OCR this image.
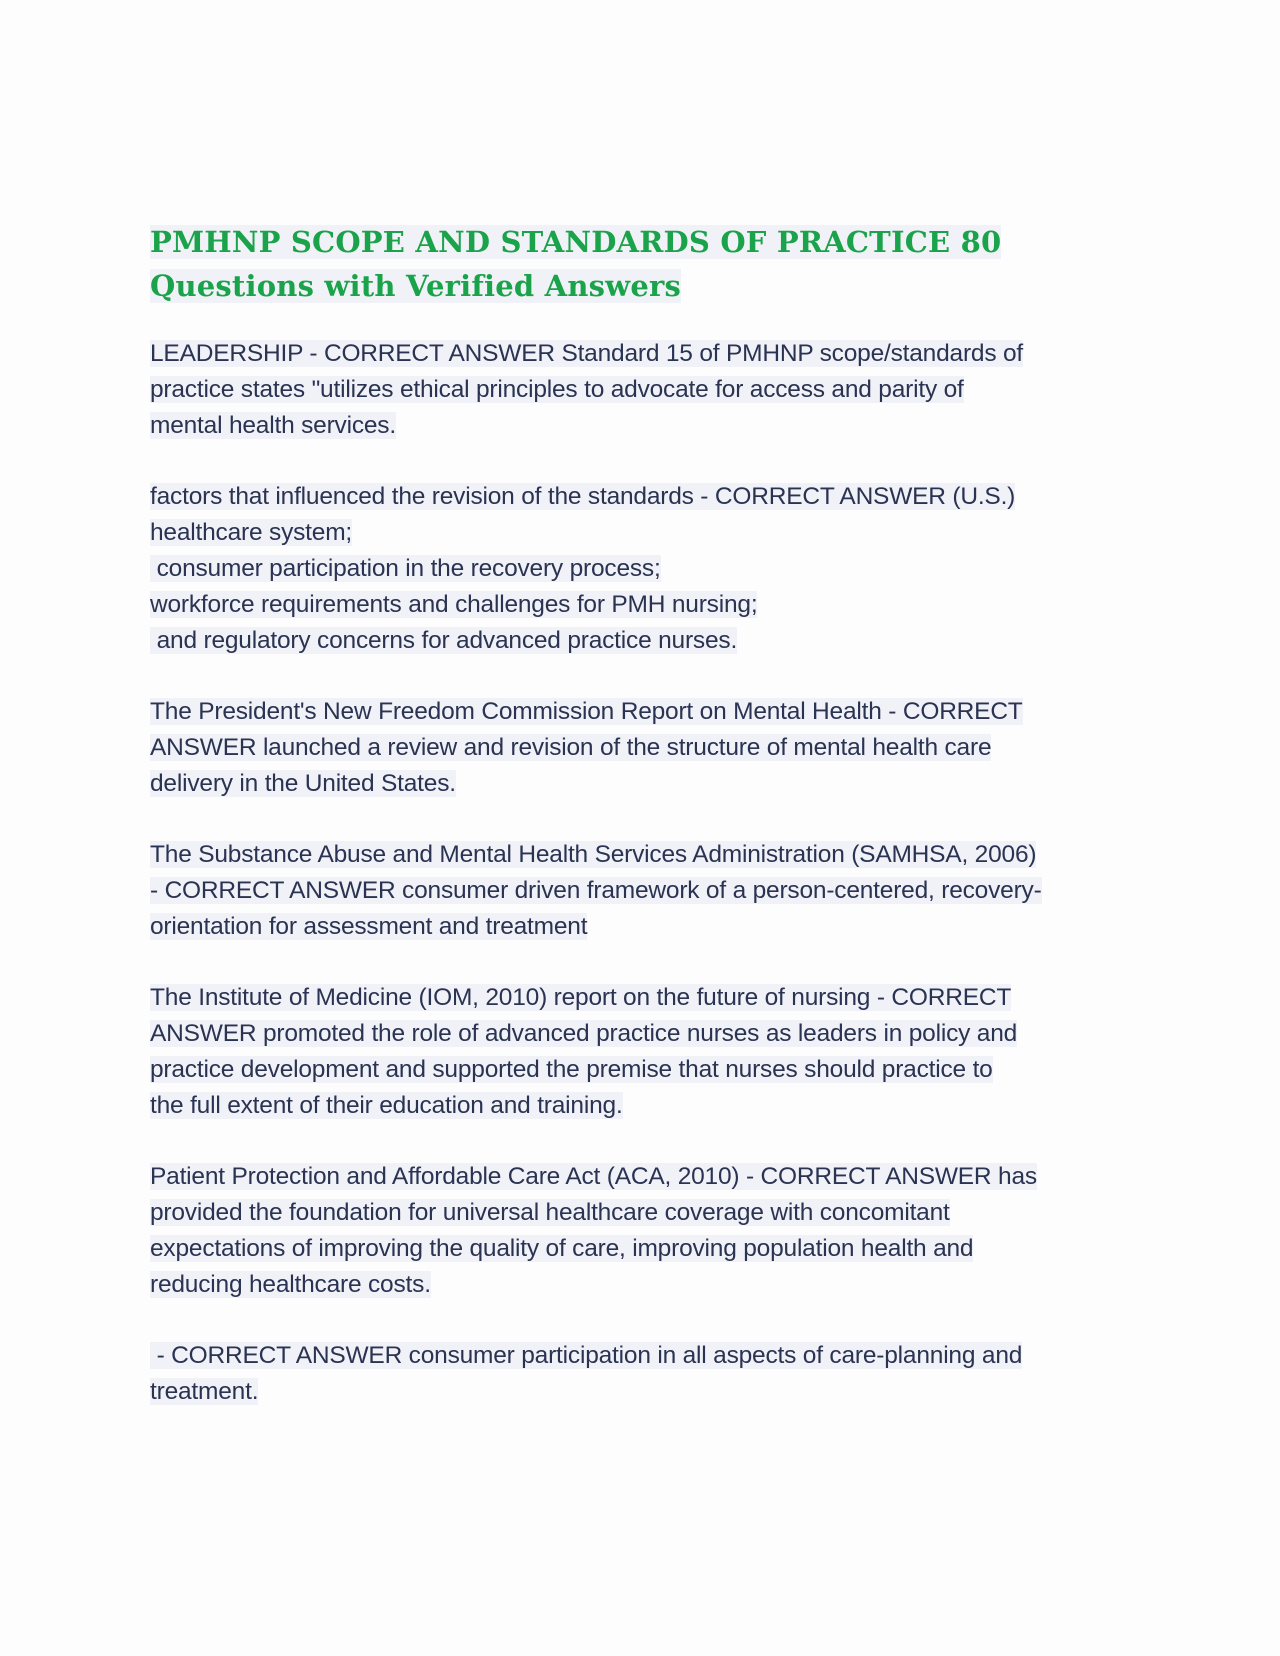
PMHNP SCOPE AND STANDARDS OF PRACTICE 80
Questions with Verified Answers
LEADERSHIP - CORRECT ANSWER Standard 15 of PMHNP scope/standards of
practice states "utilizes ethical principles to advocate for access and parity of
mental health services.
factors that influenced the revision of the standards - CORRECT ANSWER (U.S.)
healthcare system;
consumer participation in the recovery process;
workforce requirements and challenges for PMH nursing;
and regulatory concerns for advanced practice nurses.
The President's New Freedom Commission Report on Mental Health - CORRECT
ANSWER launched a review and revision of the structure of mental health care
delivery in the United States.
The Substance Abuse and Mental Health Services Administration (SAMHSA, 2006)
- CORRECT ANSWER consumer driven framework of a person-centered, recovery-
orientation for assessment and treatment
The Institute of Medicine (IOM, 2010) report on the future of nursing - CORRECT
ANSWER promoted the role of advanced practice nurses as leaders in policy and
practice development and supported the premise that nurses should practice to
the full extent of their education and training.
Patient Protection and Affordable Care Act (ACA, 2010) - CORRECT ANSWER has
provided the foundation for universal healthcare coverage with concomitant
expectations of improving the quality of care, improving population health and
reducing healthcare costs.
- CORRECT ANSWER consumer participation in all aspects of care-planning and
treatment.
